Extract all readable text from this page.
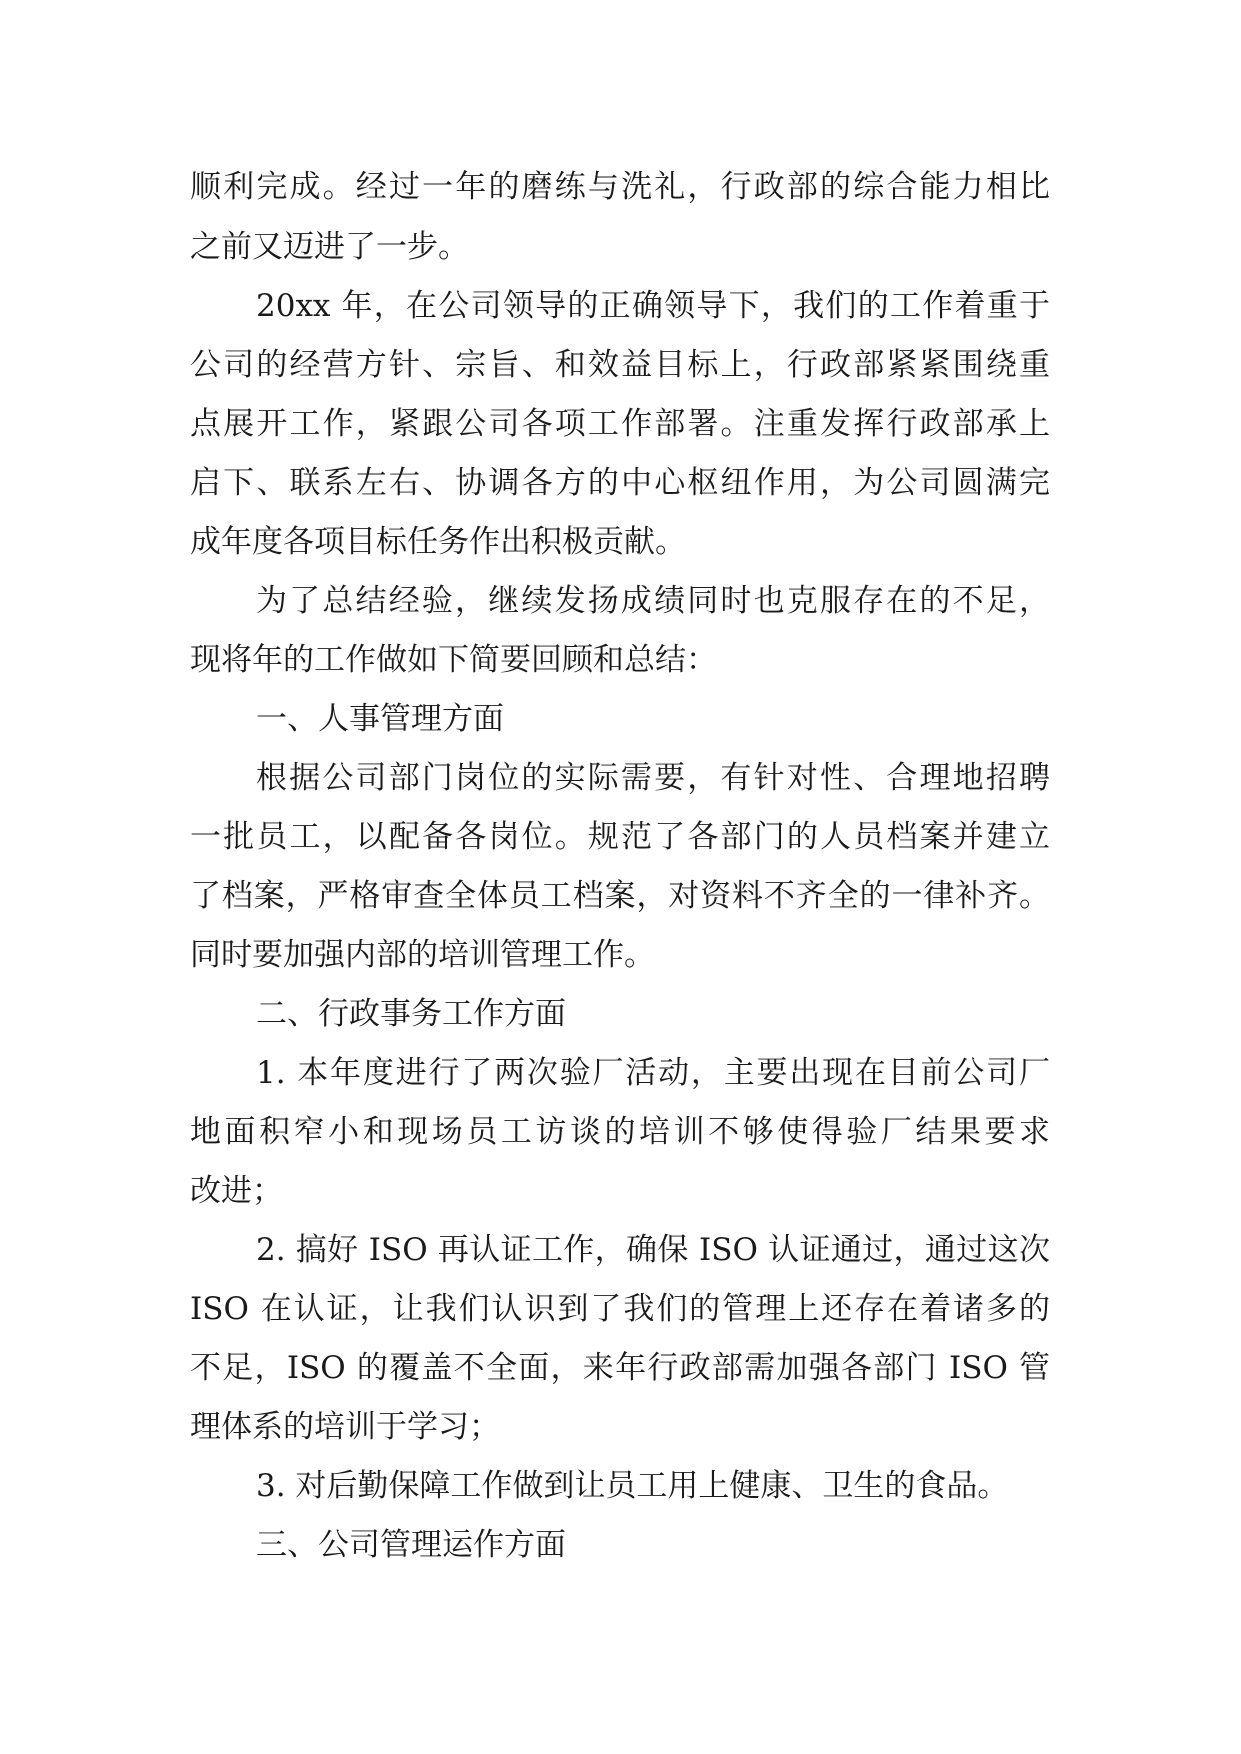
顺利完成。经过一年的磨练与洗礼，行政部的综合能力相比
之前又迈进了一步。
20xx 年，在公司领导的正确领导下，我们的工作着重于
公司的经营方针、宗旨、和效益目标上，行政部紧紧围绕重
点展开工作，紧跟公司各项工作部署。注重发挥行政部承上
启下、联系左右、协调各方的中心枢纽作用，为公司圆满完
成年度各项目标任务作出积极贡献。
为了总结经验，继续发扬成绩同时也克服存在的不足，
现将年的工作做如下简要回顾和总结：
一、人事管理方面
根据公司部门岗位的实际需要，有针对性、合理地招聘
一批员工，以配备各岗位。规范了各部门的人员档案并建立
了档案，严格审查全体员工档案，对资料不齐全的一律补齐。
同时要加强内部的培训管理工作。
二、行政事务工作方面
1. 本年度进行了两次验厂活动，主要出现在目前公司厂
地面积窄小和现场员工访谈的培训不够使得验厂结果要求
改进；
2. 搞好 ISO 再认证工作，确保 ISO 认证通过，通过这次
ISO 在认证，让我们认识到了我们的管理上还存在着诸多的
不足，ISO 的覆盖不全面，来年行政部需加强各部门 ISO 管
理体系的培训于学习；
3. 对后勤保障工作做到让员工用上健康、卫生的食品。
三、公司管理运作方面
